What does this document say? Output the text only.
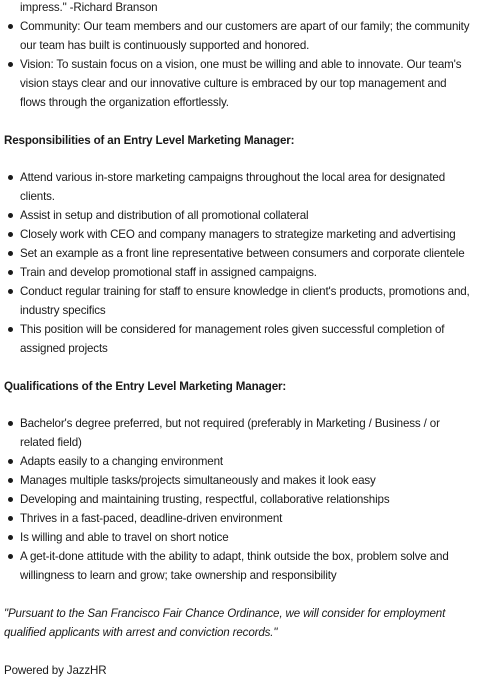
impress." -Richard Branson
Community: Our team members and our customers are apart of our family; the community our team has built is continuously supported and honored.
Vision: To sustain focus on a vision, one must be willing and able to innovate. Our team's vision stays clear and our innovative culture is embraced by our top management and flows through the organization effortlessly.

Responsibilities of an Entry Level Marketing Manager:

Attend various in-store marketing campaigns throughout the local area for designated clients.
Assist in setup and distribution of all promotional collateral
Closely work with CEO and company managers to strategize marketing and advertising
Set an example as a front line representative between consumers and corporate clientele
Train and develop promotional staff in assigned campaigns.
Conduct regular training for staff to ensure knowledge in client's products, promotions and, industry specifics
This position will be considered for management roles given successful completion of assigned projects

Qualifications of the Entry Level Marketing Manager:

Bachelor's degree preferred, but not required (preferably in Marketing / Business / or related field)
Adapts easily to a changing environment
Manages multiple tasks/projects simultaneously and makes it look easy
Developing and maintaining trusting, respectful, collaborative relationships
Thrives in a fast-paced, deadline-driven environment
Is willing and able to travel on short notice
A get-it-done attitude with the ability to adapt, think outside the box, problem solve and willingness to learn and grow; take ownership and responsibility

"Pursuant to the San Francisco Fair Chance Ordinance, we will consider for employment qualified applicants with arrest and conviction records."

Powered by JazzHR
